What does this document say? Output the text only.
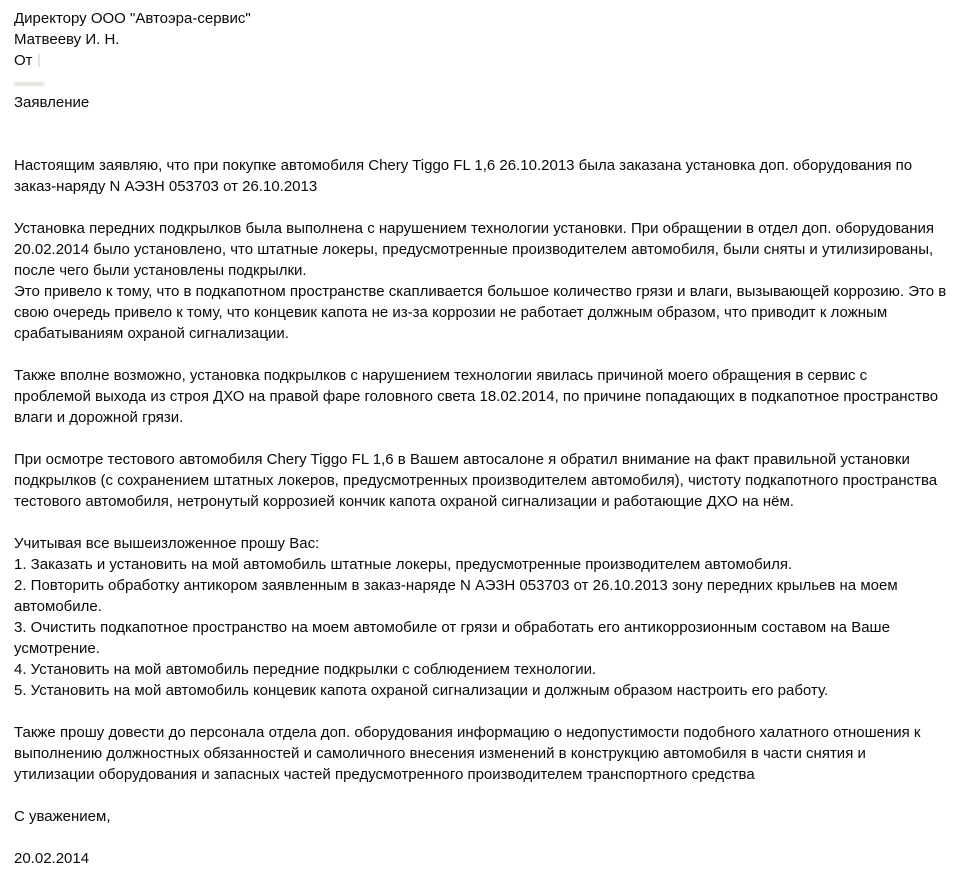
Директору ООО "Автоэра-сервис"
Матвееву И. Н.
От
Заявление
Настоящим заявляю, что при покупке автомобиля Chery Tiggo FL 1,6 26.10.2013 была заказана установка доп. оборудования по
заказ-наряду N АЭЗН 053703 от 26.10.2013
Установка передних подкрылков была выполнена с нарушением технологии установки. При обращении в отдел доп. оборудования
20.02.2014 было установлено, что штатные локеры, предусмотренные производителем автомобиля, были сняты и утилизированы,
после чего были установлены подкрылки.
Это привело к тому, что в подкапотном пространстве скапливается большое количество грязи и влаги, вызывающей коррозию. Это в
свою очередь привело к тому, что концевик капота не из-за коррозии не работает должным образом, что приводит к ложным
срабатываниям охраной сигнализации.
Также вполне возможно, установка подкрылков с нарушением технологии явилась причиной моего обращения в сервис с
проблемой выхода из строя ДХО на правой фаре головного света 18.02.2014, по причине попадающих в подкапотное пространство
влаги и дорожной грязи.
При осмотре тестового автомобиля Chery Tiggo FL 1,6 в Вашем автосалоне я обратил внимание на факт правильной установки
подкрылков (с сохранением штатных локеров, предусмотренных производителем автомобиля), чистоту подкапотного пространства
тестового автомобиля, нетронутый коррозией кончик капота охраной сигнализации и работающие ДХО на нём.
Учитывая все вышеизложенное прошу Вас:
1. Заказать и установить на мой автомобиль штатные локеры, предусмотренные производителем автомобиля.
2. Повторить обработку антикором заявленным в заказ-наряде N АЭЗН 053703 от 26.10.2013 зону передних крыльев на моем
автомобиле.
3. Очистить подкапотное пространство на моем автомобиле от грязи и обработать его антикоррозионным составом на Ваше
усмотрение.
4. Установить на мой автомобиль передние подкрылки с соблюдением технологии.
5. Установить на мой автомобиль концевик капота охраной сигнализации и должным образом настроить его работу.
Также прошу довести до персонала отдела доп. оборудования информацию о недопустимости подобного халатного отношения к
выполнению должностных обязанностей и самоличного внесения изменений в конструкцию автомобиля в части снятия и
утилизации оборудования и запасных частей предусмотренного производителем транспортного средства
С уважением,
20.02.2014
